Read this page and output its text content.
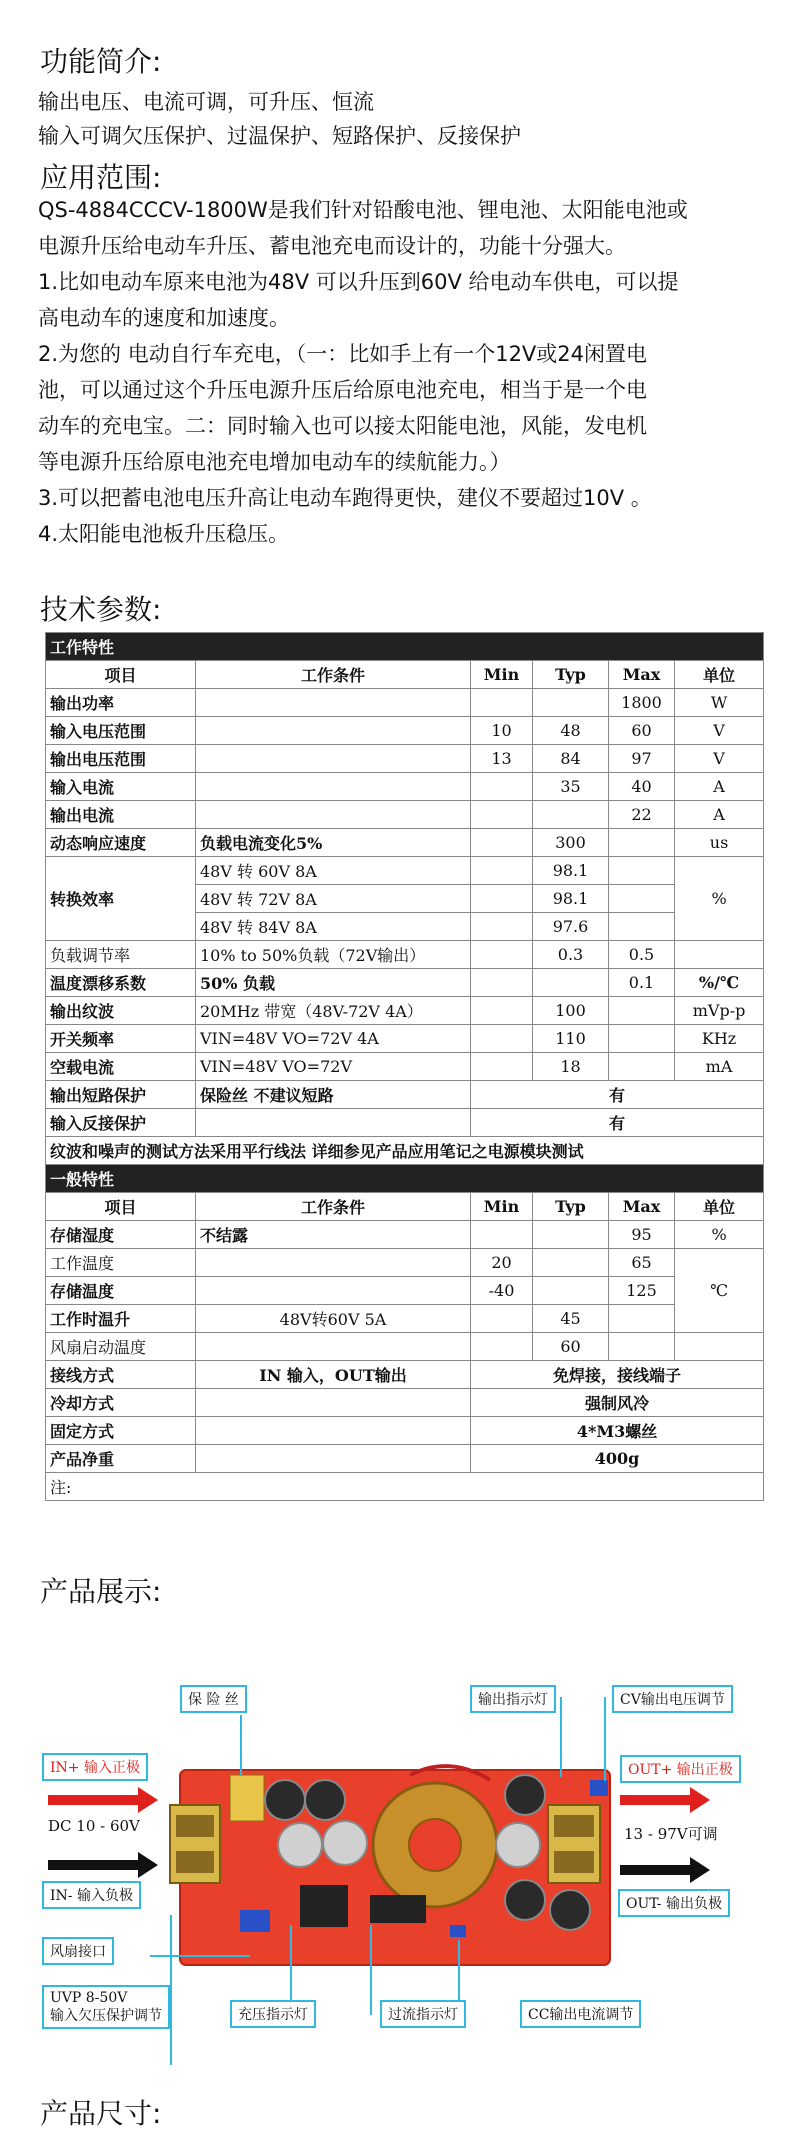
功能简介:
输出电压、电流可调，可升压、恒流
输入可调欠压保护、过温保护、短路保护、反接保护
应用范围:
QS-4884CCCV-1800W是我们针对铅酸电池、锂电池、太阳能电池或
电源升压给电动车升压、蓄电池充电而设计的，功能十分强大。
1.比如电动车原来电池为48V 可以升压到60V 给电动车供电，可以提
高电动车的速度和加速度。
2.为您的 电动自行车充电，（一：比如手上有一个12V或24闲置电
池，可以通过这个升压电源升压后给原电池充电，相当于是一个电
动车的充电宝。二：同时输入也可以接太阳能电池，风能，发电机
等电源升压给原电池充电增加电动车的续航能力。）
3.可以把蓄电池电压升高让电动车跑得更快，建仪不要超过10V 。
4.太阳能电池板升压稳压。
技术参数:
工作特性					
项目	工作条件	Min	Typ	Max	单位
输出功率				1800	W
输入电压范围		10	48	60	V
输出电压范围		13	84	97	V
输入电流			35	40	A
输出电流				22	A
动态响应速度	负载电流变化5%		300		us
转换效率	48V 转 60V 8A		98.1		%
	48V 转 72V 8A		98.1		
	48V 转 84V 8A		97.6		
负载调节率	10% to 50%负载（72V输出）		0.3	0.5	
温度漂移系数	50% 负载			0.1	%/℃
输出纹波	20MHz 带宽（48V-72V 4A）		100		mVp-p
开关频率	VIN=48V VO=72V 4A		110		KHz
空载电流	VIN=48V VO=72V		18		mA
输出短路保护	保险丝 不建议短路	有			
输入反接保护		有			
纹波和噪声的测试方法采用平行线法 详细参见产品应用笔记之电源模块测试					
一般特性					
项目	工作条件	Min	Typ	Max	单位
存储湿度	不结露			95	%
工作温度		20		65	℃
存储温度		-40		125	
工作时温升	48V转60V 5A		45		
风扇启动温度			60		
接线方式	IN 输入，OUT输出	免焊接，接线端子			
冷却方式		强制风冷			
固定方式		4*M3螺丝			
产品净重		400g			
注:					
产品展示:
保 险 丝	输出指示灯	CV输出电压调节
IN+ 输入正极
DC 10 - 60V
IN- 输入负极
OUT+ 输出正极
13 - 97V可调
OUT- 输出负极
风扇接口
UVP 8-50V
输入欠压保护调节	充压指示灯	过流指示灯	CC输出电流调节
产品尺寸:
